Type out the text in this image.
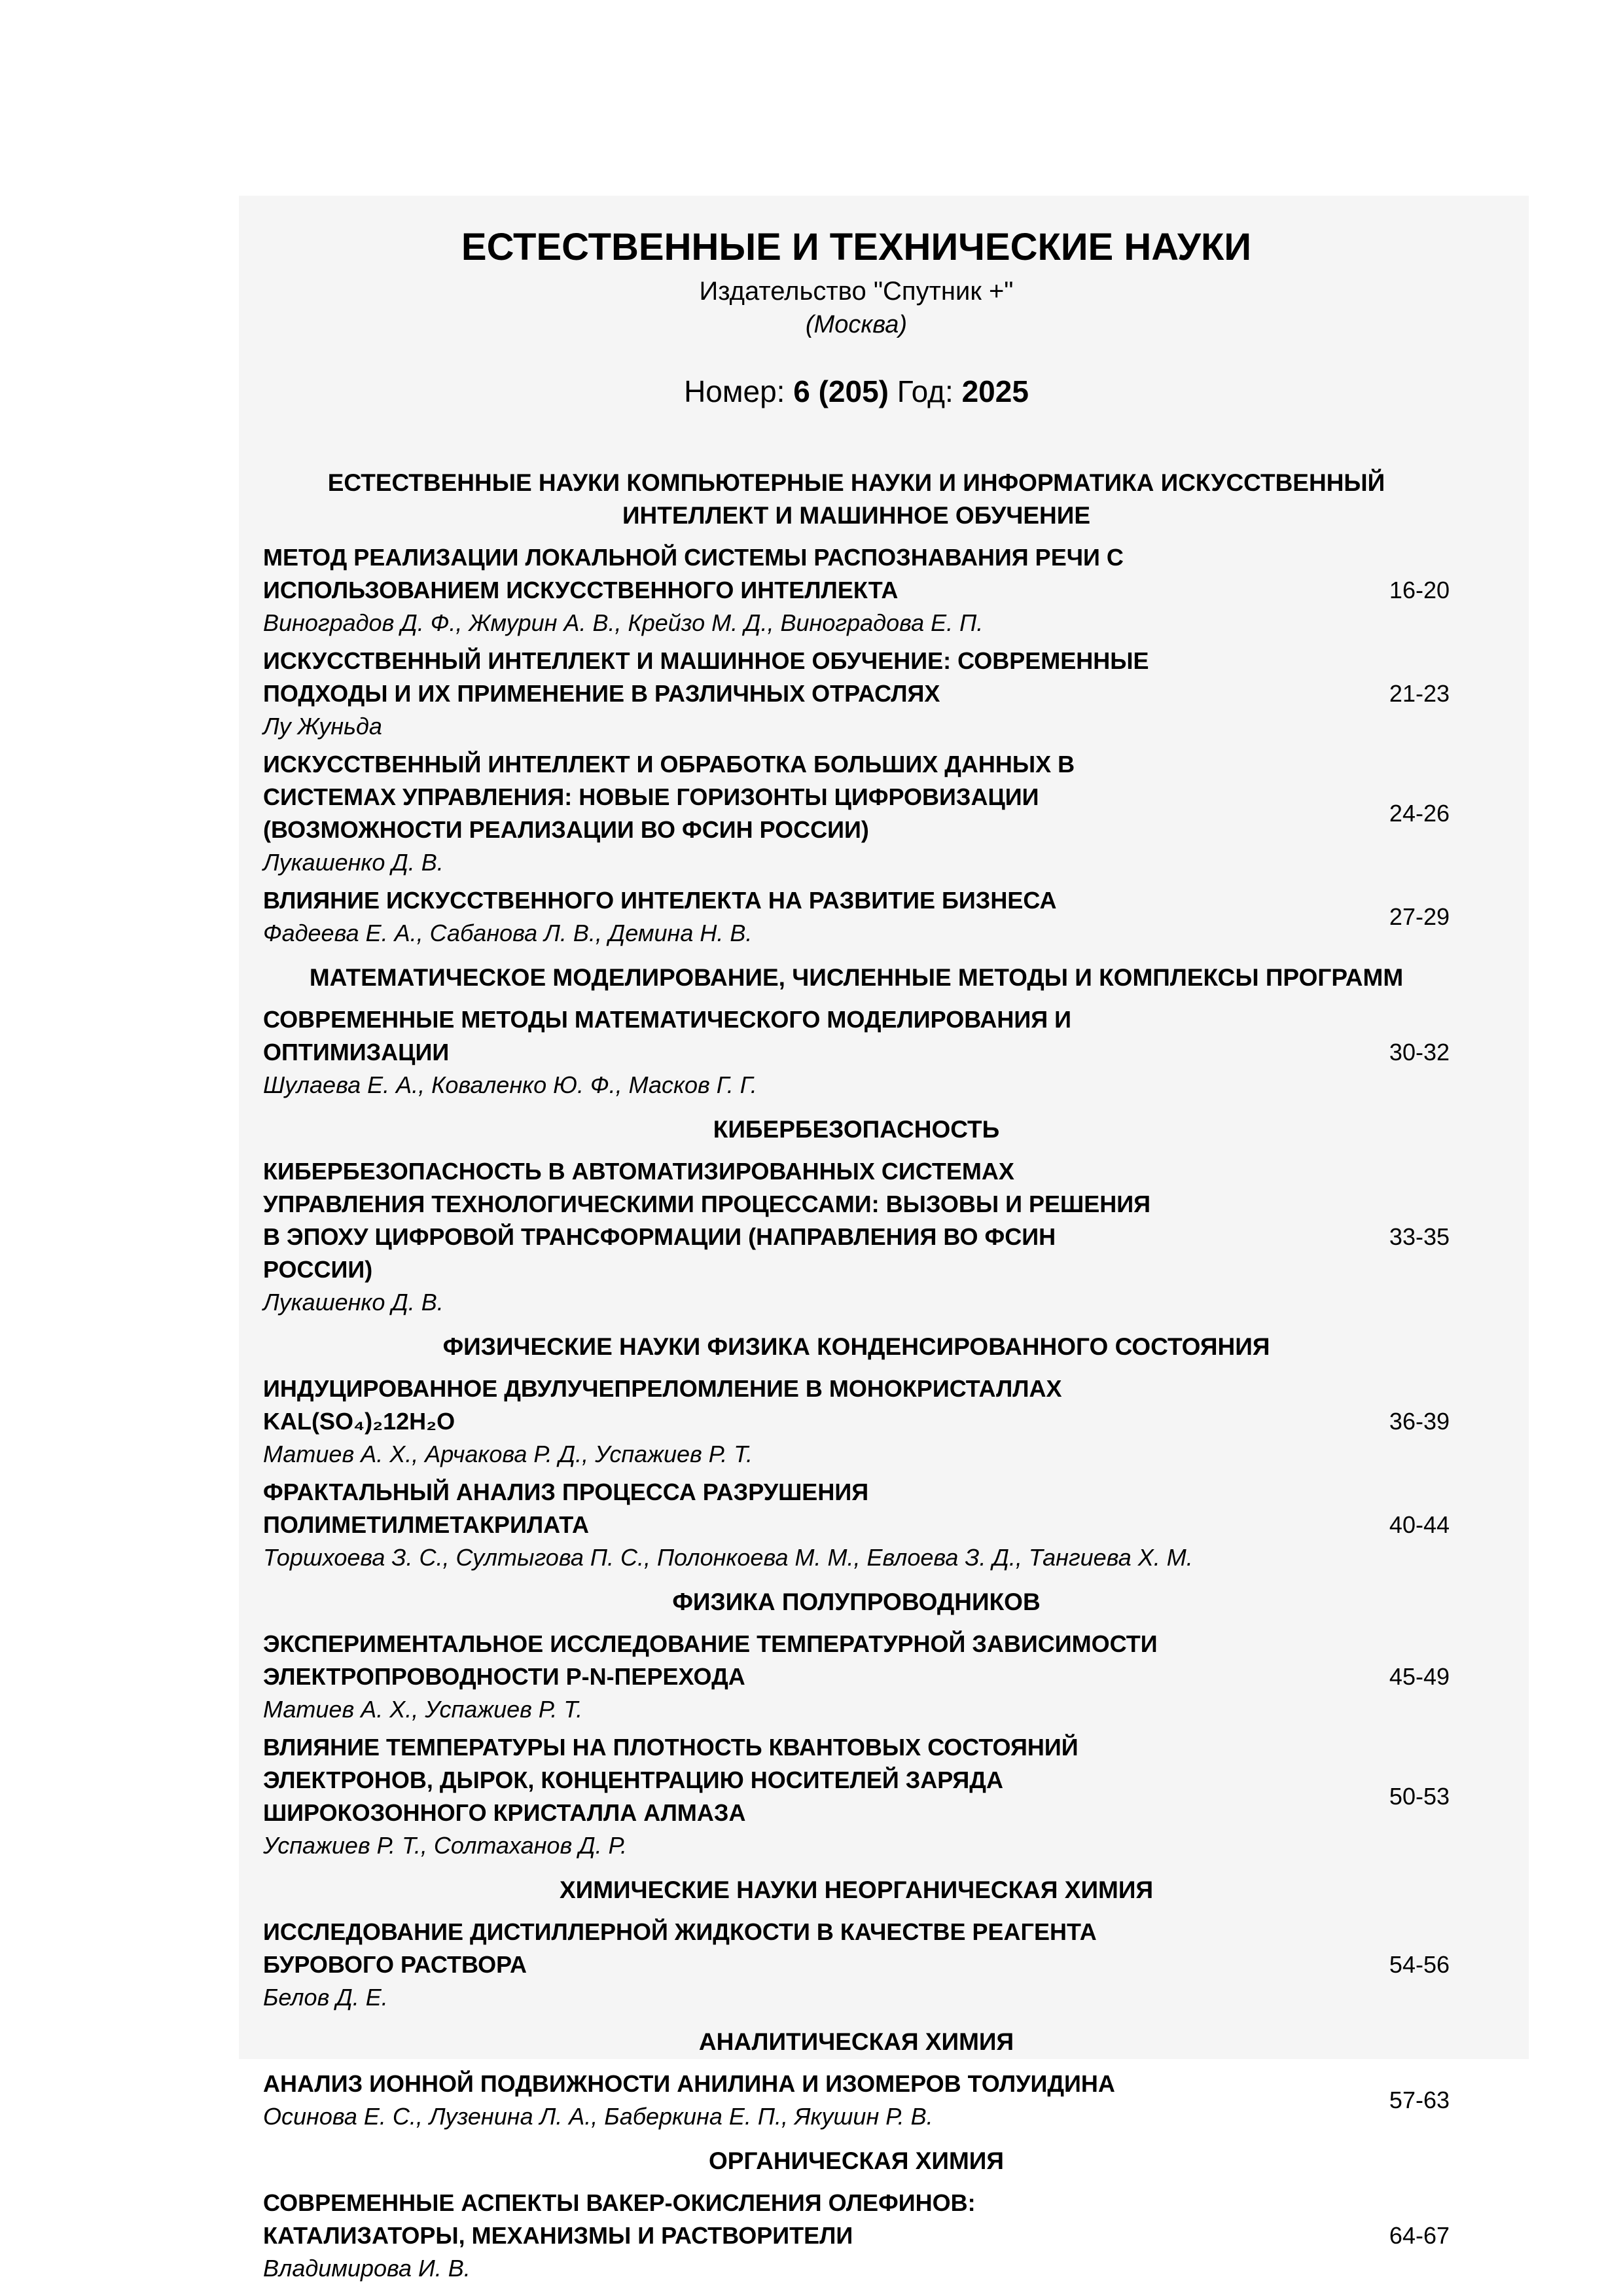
ЕСТЕСТВЕННЫЕ И ТЕХНИЧЕСКИЕ НАУКИ
Издательство "Спутник +"
(Москва)
Номер: 6 (205) Год: 2025
ЕСТЕСТВЕННЫЕ НАУКИ КОМПЬЮТЕРНЫЕ НАУКИ И ИНФОРМАТИКА ИСКУССТВЕННЫЙ ИНТЕЛЛЕКТ И МАШИННОЕ ОБУЧЕНИЕ
МЕТОД РЕАЛИЗАЦИИ ЛОКАЛЬНОЙ СИСТЕМЫ РАСПОЗНАВАНИЯ РЕЧИ С ИСПОЛЬЗОВАНИЕМ ИСКУССТВЕННОГО ИНТЕЛЛЕКТА
Виноградов Д. Ф., Жмурин А. В., Крейзо М. Д., Виноградова Е. П.
16-20
ИСКУССТВЕННЫЙ ИНТЕЛЛЕКТ И МАШИННОЕ ОБУЧЕНИЕ: СОВРЕМЕННЫЕ ПОДХОДЫ И ИХ ПРИМЕНЕНИЕ В РАЗЛИЧНЫХ ОТРАСЛЯХ
Лу Жуньда
21-23
ИСКУССТВЕННЫЙ ИНТЕЛЛЕКТ И ОБРАБОТКА БОЛЬШИХ ДАННЫХ В СИСТЕМАХ УПРАВЛЕНИЯ: НОВЫЕ ГОРИЗОНТЫ ЦИФРОВИЗАЦИИ (ВОЗМОЖНОСТИ РЕАЛИЗАЦИИ ВО ФСИН РОССИИ)
Лукашенко Д. В.
24-26
ВЛИЯНИЕ ИСКУССТВЕННОГО ИНТЕЛЕКТА НА РАЗВИТИЕ БИЗНЕСА
Фадеева Е. А., Сабанова Л. В., Демина Н. В.
27-29
МАТЕМАТИЧЕСКОЕ МОДЕЛИРОВАНИЕ, ЧИСЛЕННЫЕ МЕТОДЫ И КОМПЛЕКСЫ ПРОГРАММ
СОВРЕМЕННЫЕ МЕТОДЫ МАТЕМАТИЧЕСКОГО МОДЕЛИРОВАНИЯ И ОПТИМИЗАЦИИ
Шулаева Е. А., Коваленко Ю. Ф., Масков Г. Г.
30-32
КИБЕРБЕЗОПАСНОСТЬ
КИБЕРБЕЗОПАСНОСТЬ В АВТОМАТИЗИРОВАННЫХ СИСТЕМАХ УПРАВЛЕНИЯ ТЕХНОЛОГИЧЕСКИМИ ПРОЦЕССАМИ: ВЫЗОВЫ И РЕШЕНИЯ В ЭПОХУ ЦИФРОВОЙ ТРАНСФОРМАЦИИ (НАПРАВЛЕНИЯ ВО ФСИН РОССИИ)
Лукашенко Д. В.
33-35
ФИЗИЧЕСКИЕ НАУКИ ФИЗИКА КОНДЕНСИРОВАННОГО СОСТОЯНИЯ
ИНДУЦИРОВАННОЕ ДВУЛУЧЕПРЕЛОМЛЕНИЕ В МОНОКРИСТАЛЛАХ KAL(SO₄)₂12H₂O
Матиев А. Х., Арчакова Р. Д., Успажиев Р. Т.
36-39
ФРАКТАЛЬНЫЙ АНАЛИЗ ПРОЦЕССА РАЗРУШЕНИЯ ПОЛИМЕТИЛМЕТАКРИЛАТА
Торшхоева З. С., Султыгова П. С., Полонкоева М. М., Евлоева З. Д., Тангиева Х. М.
40-44
ФИЗИКА ПОЛУПРОВОДНИКОВ
ЭКСПЕРИМЕНТАЛЬНОЕ ИССЛЕДОВАНИЕ ТЕМПЕРАТУРНОЙ ЗАВИСИМОСТИ ЭЛЕКТРОПРОВОДНОСТИ P-N-ПЕРЕХОДА
Матиев А. Х., Успажиев Р. Т.
45-49
ВЛИЯНИЕ ТЕМПЕРАТУРЫ НА ПЛОТНОСТЬ КВАНТОВЫХ СОСТОЯНИЙ ЭЛЕКТРОНОВ, ДЫРОК, КОНЦЕНТРАЦИЮ НОСИТЕЛЕЙ ЗАРЯДА ШИРОКОЗОННОГО КРИСТАЛЛА АЛМАЗА
Успажиев Р. Т., Солтаханов Д. Р.
50-53
ХИМИЧЕСКИЕ НАУКИ НЕОРГАНИЧЕСКАЯ ХИМИЯ
ИССЛЕДОВАНИЕ ДИСТИЛЛЕРНОЙ ЖИДКОСТИ В КАЧЕСТВЕ РЕАГЕНТА БУРОВОГО РАСТВОРА
Белов Д. Е.
54-56
АНАЛИТИЧЕСКАЯ ХИМИЯ
АНАЛИЗ ИОННОЙ ПОДВИЖНОСТИ АНИЛИНА И ИЗОМЕРОВ ТОЛУИДИНА
Осинова Е. С., Лузенина Л. А., Баберкина Е. П., Якушин Р. В.
57-63
ОРГАНИЧЕСКАЯ ХИМИЯ
СОВРЕМЕННЫЕ АСПЕКТЫ ВАКЕР-ОКИСЛЕНИЯ ОЛЕФИНОВ: КАТАЛИЗАТОРЫ, МЕХАНИЗМЫ И РАСТВОРИТЕЛИ
Владимирова И. В.
64-67
